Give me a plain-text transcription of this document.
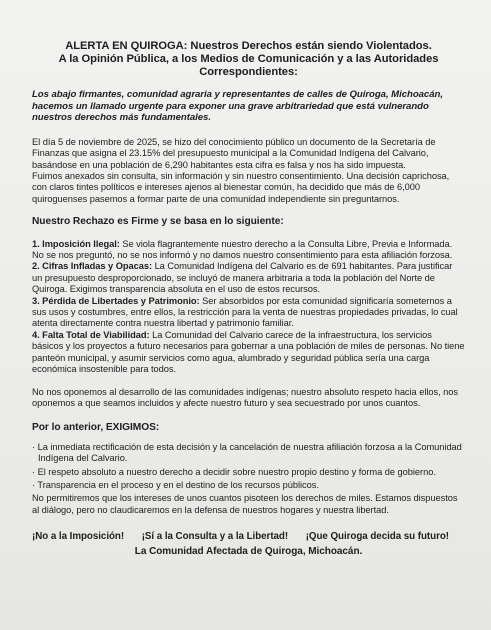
ALERTA EN QUIROGA: Nuestros Derechos están siendo Violentados.
A la Opinión Pública, a los Medios de Comunicación y a las Autoridades
Correspondientes:

Los abajo firmantes, comunidad agraria y representantes de calles de Quiroga, Michoacán, hacemos un llamado urgente para exponer una grave arbitrariedad que está vulnerando nuestros derechos más fundamentales.

El día 5 de noviembre de 2025, se hizo del conocimiento público un documento de la Secretaría de Finanzas que asigna el 23.15% del presupuesto municipal a la Comunidad Indígena del Calvario, basándose en una población de 6,290 habitantes esta cifra es falsa y nos ha sido impuesta.

Fuimos anexados sin consulta, sin información y sin nuestro consentimiento. Una decisión caprichosa, con claros tintes políticos e intereses ajenos al bienestar común, ha decidido que más de 6,000 quiroguenses pasemos a formar parte de una comunidad independiente sin preguntarnos.

Nuestro Rechazo es Firme y se basa en lo siguiente:

1. Imposición Ilegal: Se viola flagrantemente nuestro derecho a la Consulta Libre, Previa e Informada. No se nos preguntó, no se nos informó y no damos nuestro consentimiento para esta afiliación forzosa.

2. Cifras Infladas y Opacas: La Comunidad Indígena del Calvario es de 691 habitantes. Para justificar un presupuesto desproporcionado, se incluyó de manera arbitraria a toda la población del Norte de Quiroga. Exigimos transparencia absoluta en el uso de estos recursos.

3. Pérdida de Libertades y Patrimonio: Ser absorbidos por esta comunidad significaría someternos a sus usos y costumbres, entre ellos, la restricción para la venta de nuestras propiedades privadas, lo cual atenta directamente contra nuestra libertad y patrimonio familiar.

4. Falta Total de Viabilidad: La Comunidad del Calvario carece de la infraestructura, los servicios básicos y los proyectos a futuro necesarios para gobernar a una población de miles de personas. No tiene panteón municipal, y asumir servicios como agua, alumbrado y seguridad pública sería una carga económica insostenible para todos.

No nos oponemos al desarrollo de las comunidades indígenas; nuestro absoluto respeto hacia ellos, nos oponemos a que seamos incluidos y afecte nuestro futuro y sea secuestrado por unos cuantos.

Por lo anterior, EXIGIMOS:
· La inmediata rectificación de esta decisión y la cancelación de nuestra afiliación forzosa a la Comunidad Indígena del Calvario.
· El respeto absoluto a nuestro derecho a decidir sobre nuestro propio destino y forma de gobierno.
· Transparencia en el proceso y en el destino de los recursos públicos.

No permitiremos que los intereses de unos cuantos pisoteen los derechos de miles. Estamos dispuestos al diálogo, pero no claudicaremos en la defensa de nuestros hogares y nuestra libertad.

¡No a la Imposición! ¡Sí a la Consulta y a la Libertad! ¡Que Quiroga decida su futuro!
La Comunidad Afectada de Quiroga, Michoacán.
